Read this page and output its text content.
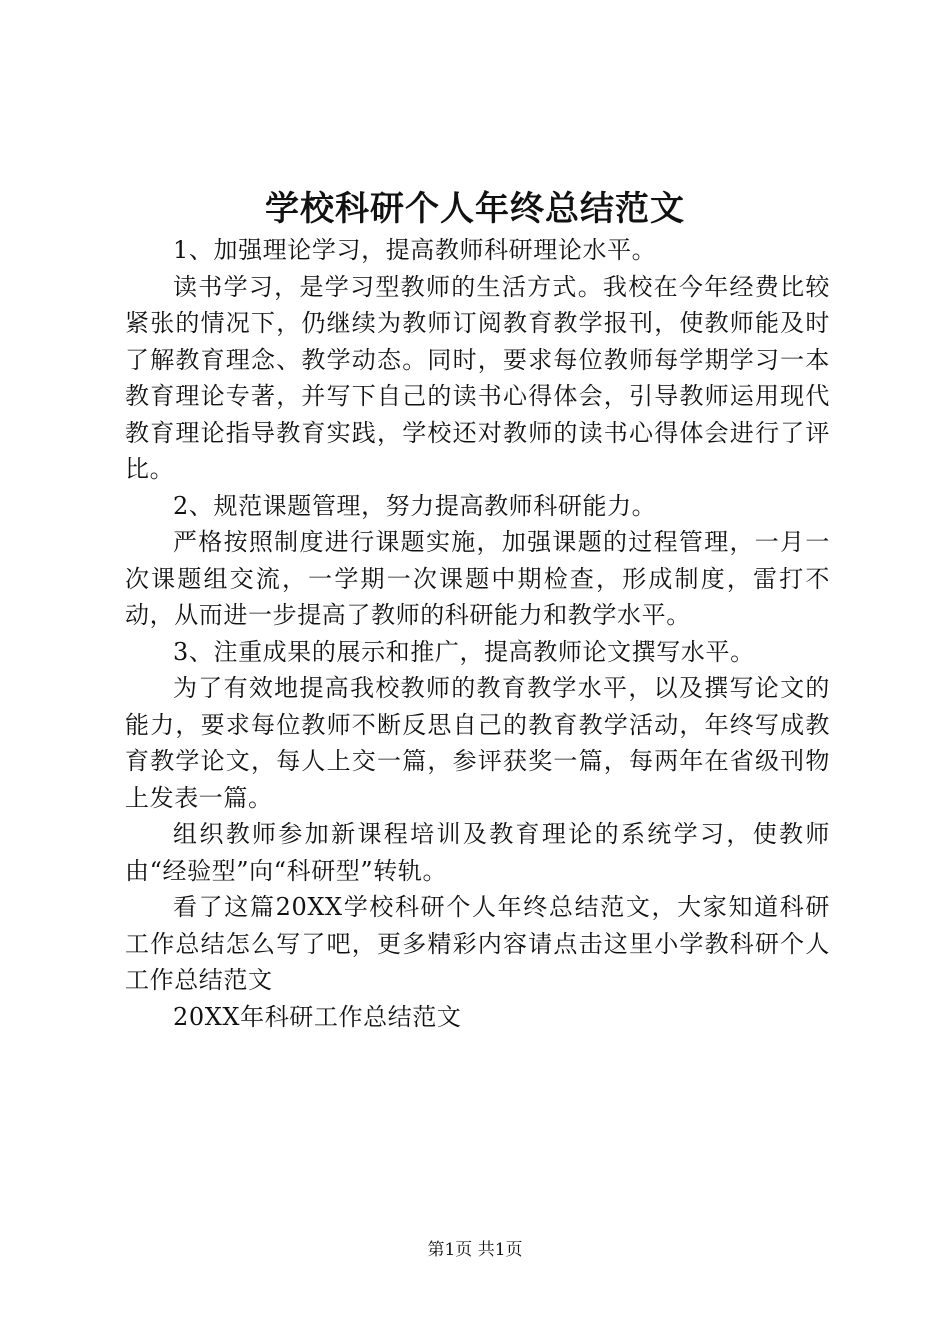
学校科研个人年终总结范文

1、加强理论学习，提高教师科研理论水平。

读书学习，是学习型教师的生活方式。我校在今年经费比较紧张的情况下，仍继续为教师订阅教育教学报刊，使教师能及时了解教育理念、教学动态。同时，要求每位教师每学期学习一本教育理论专著，并写下自己的读书心得体会，引导教师运用现代教育理论指导教育实践，学校还对教师的读书心得体会进行了评比。

2、规范课题管理，努力提高教师科研能力。

严格按照制度进行课题实施，加强课题的过程管理，一月一次课题组交流，一学期一次课题中期检查，形成制度，雷打不动，从而进一步提高了教师的科研能力和教学水平。

3、注重成果的展示和推广，提高教师论文撰写水平。

为了有效地提高我校教师的教育教学水平，以及撰写论文的能力，要求每位教师不断反思自己的教育教学活动，年终写成教育教学论文，每人上交一篇，参评获奖一篇，每两年在省级刊物上发表一篇。

组织教师参加新课程培训及教育理论的系统学习，使教师由“经验型”向“科研型”转轨。

看了这篇20XX学校科研个人年终总结范文，大家知道科研工作总结怎么写了吧，更多精彩内容请点击这里小学教科研个人工作总结范文

20XX年科研工作总结范文

第1页 共1页
